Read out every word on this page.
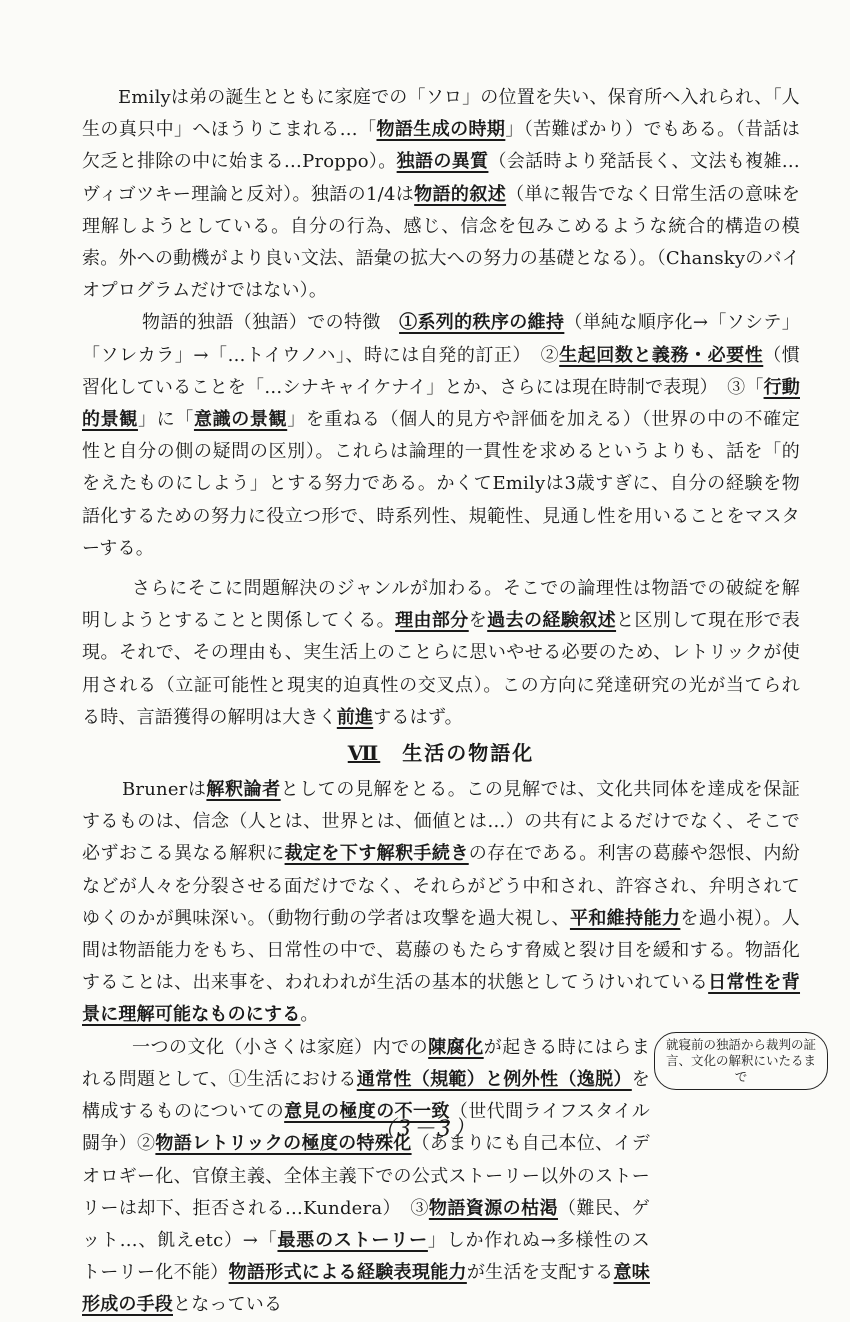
Emilyは弟の誕生とともに家庭での「ソロ」の位置を失い、保育所へ入れられ、「人生の真只中」へほうりこまれる…「物語生成の時期」（苦難ばかり）でもある。（昔話は欠乏と排除の中に始まる…Proppo）。独語の異質（会話時より発話長く、文法も複雑…ヴィゴツキー理論と反対）。独語の1/4は物語的叙述（単に報告でなく日常生活の意味を理解しようとしている。自分の行為、感じ、信念を包みこめるような統合的構造の模索。外への動機がより良い文法、語彙の拡大への努力の基礎となる）。（Chanskyのバイオプログラムだけではない）。

物語的独語（独語）での特徴　①系列的秩序の維持（単純な順序化→「ソシテ」「ソレカラ」→「…トイウノハ」、時には自発的訂正）　②生起回数と義務・必要性（慣習化していることを「…シナキャイケナイ」とか、さらには現在時制で表現）　③「行動的景観」に「意識の景観」を重ねる（個人的見方や評価を加える）（世界の中の不確定性と自分の側の疑問の区別）。これらは論理的一貫性を求めるというよりも、話を「的をえたものにしよう」とする努力である。かくてEmilyは3歳すぎに、自分の経験を物語化するための努力に役立つ形で、時系列性、規範性、見通し性を用いることをマスターする。

さらにそこに問題解決のジャンルが加わる。そこでの論理性は物語での破綻を解明しようとすることと関係してくる。理由部分を過去の経験叙述と区別して現在形で表現。それで、その理由も、実生活上のことらに思いやせる必要のため、レトリックが使用される（立証可能性と現実的迫真性の交叉点）。この方向に発達研究の光が当てられる時、言語獲得の解明は大きく前進するはず。

Ⅶ　 生活の物語化

Brunerは解釈論者としての見解をとる。この見解では、文化共同体を達成を保証するものは、信念（人とは、世界とは、価値とは…）の共有によるだけでなく、そこで必ずおこる異なる解釈に裁定を下す解釈手続きの存在である。利害の葛藤や怨恨、内紛などが人々を分裂させる面だけでなく、それらがどう中和され、許容され、弁明されてゆくのかが興味深い。（動物行動の学者は攻撃を過大視し、平和維持能力を過小視）。人間は物語能力をもち、日常性の中で、葛藤のもたらす脅威と裂け目を緩和する。物語化することは、出来事を、われわれが生活の基本的状態としてうけいれている日常性を背景に理解可能なものにする。

一つの文化（小さくは家庭）内での陳腐化が起きる時にはらまれる問題として、①生活における通常性（規範）と例外性（逸脱）を構成するものについての意見の極度の不一致（世代間ライフスタイル闘争）②物語レトリックの極度の特殊化（あまりにも自己本位、イデオロギー化、官僚主義、全体主義下での公式ストーリー以外のストーリーは却下、拒否される…Kundera）　③物語資源の枯渇（難民、ゲット…、飢えetc）→「最悪のストーリー」しか作れぬ→多様性のストーリー化不能）物語形式による経験表現能力が生活を支配する意味形成の手段となっている

就寝前の独語から裁判の証言、文化の解釈にいたるまで
（3－3）
